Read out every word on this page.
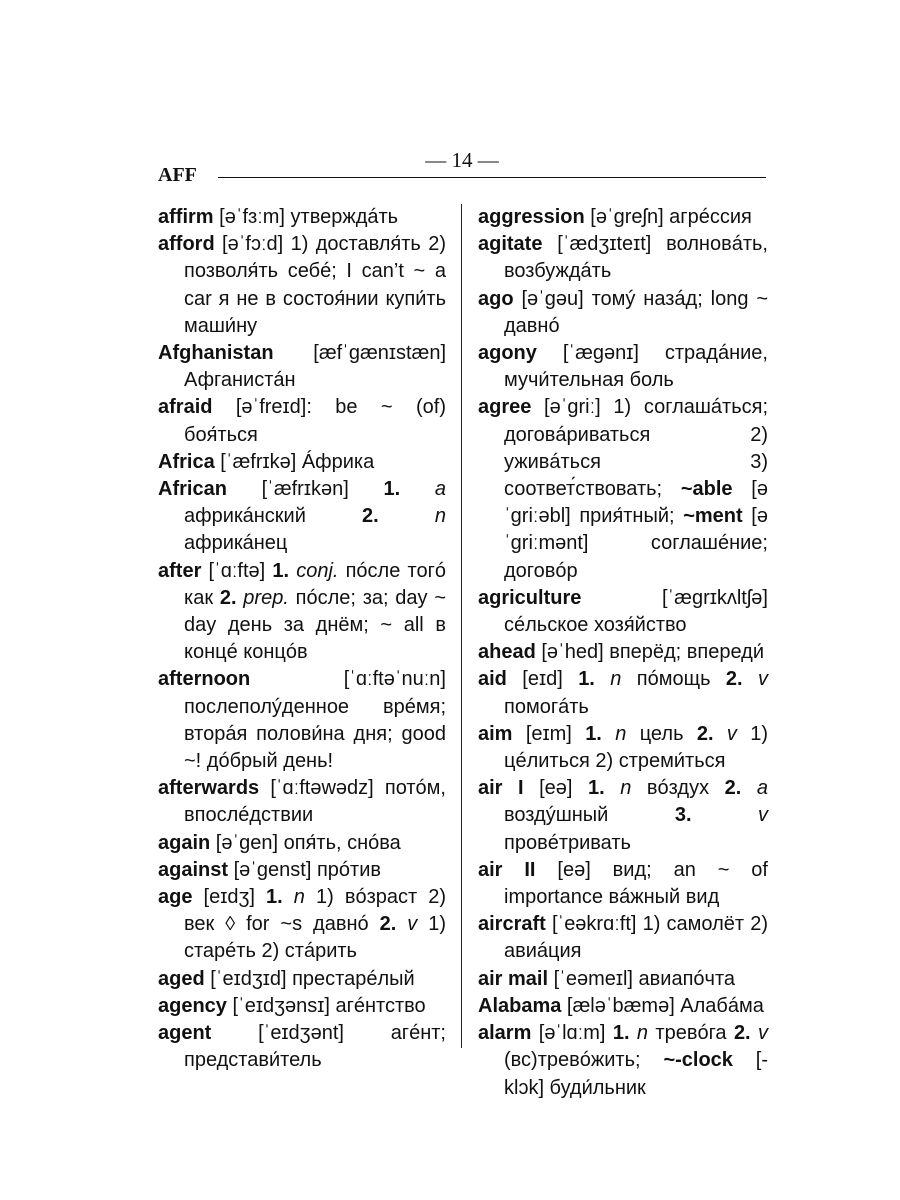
AFF
— 14 —

affirm [əˈfɜːm] утверждáть

afford [əˈfɔːd] 1) доставля́ть 2) позволя́ть себé; I can’t ~ a car я не в состоя́нии купи́ть маши́ну

Afghanistan [æfˈgænɪstæn] Афганистáн

afraid [əˈfreɪd]: be ~ (of) боя́ться

Africa [ˈæfrɪkə] Áфрика

African [ˈæfrɪkən] 1. a африкáнский 2.	n африкáнец

after [ˈɑːftə] 1. conj. пóсле тогó как 2. prep. пóсле; за; day ~ day день за днём; ~ all в концé концóв

afternoon [ˈɑːftəˈnuːn] послеполýденное врéмя; вторáя полови́на дня; good ~! дóбрый день!

afterwards [ˈɑːftəwədz] потóм, впослéдствии

again [əˈgen] опя́ть, снóва

against [əˈgenst] прóтив

age [eɪdʒ] 1. n 1) вóзраст 2) век ◊ for ~s давнó 2. v 1) старéть 2) стáрить

aged [ˈeɪdʒɪd] престарéлый

agency [ˈeɪdʒənsɪ] агéнтство

agent [ˈeɪdʒənt] агéнт; представи́тель

aggression [əˈgreʃn] агрéссия

agitate [ˈædʒɪteɪt] волновáть, возбуждáть

ago [əˈgəu] томý назáд; long ~ давнó

agony [ˈægənɪ] страдáние, мучи́тельная боль

agree [əˈgriː] 1) соглашáться; договáриваться 2) уживáться 3) соответ́ствовать; ~able [əˈgriːəbl] прия́тный; ~ment [əˈgriːmənt] соглашéние; договóр

agriculture [ˈægrɪkʌltʃə] сéльское хозя́йство

ahead [əˈhed] вперёд; впереди́

aid [eɪd] 1. n пóмощь 2. v помогáть

aim [eɪm] 1. n цель 2. v 1) цéлиться 2) стреми́ться

air I [eə] 1. n вóздух 2. a воздýшный 3.	v провéтривать

air II [eə] вид; an ~ of importance вáжный вид

aircraft [ˈeəkrɑːft] 1) самолёт 2) авиáция

air mail [ˈeəmeɪl] авиапóчта

Alabama [æləˈbæmə] Алабáма

alarm [əˈlɑːm] 1. n тревóга 2. v (вс)тревóжить; ~-clock [-klɔk] буди́льник
